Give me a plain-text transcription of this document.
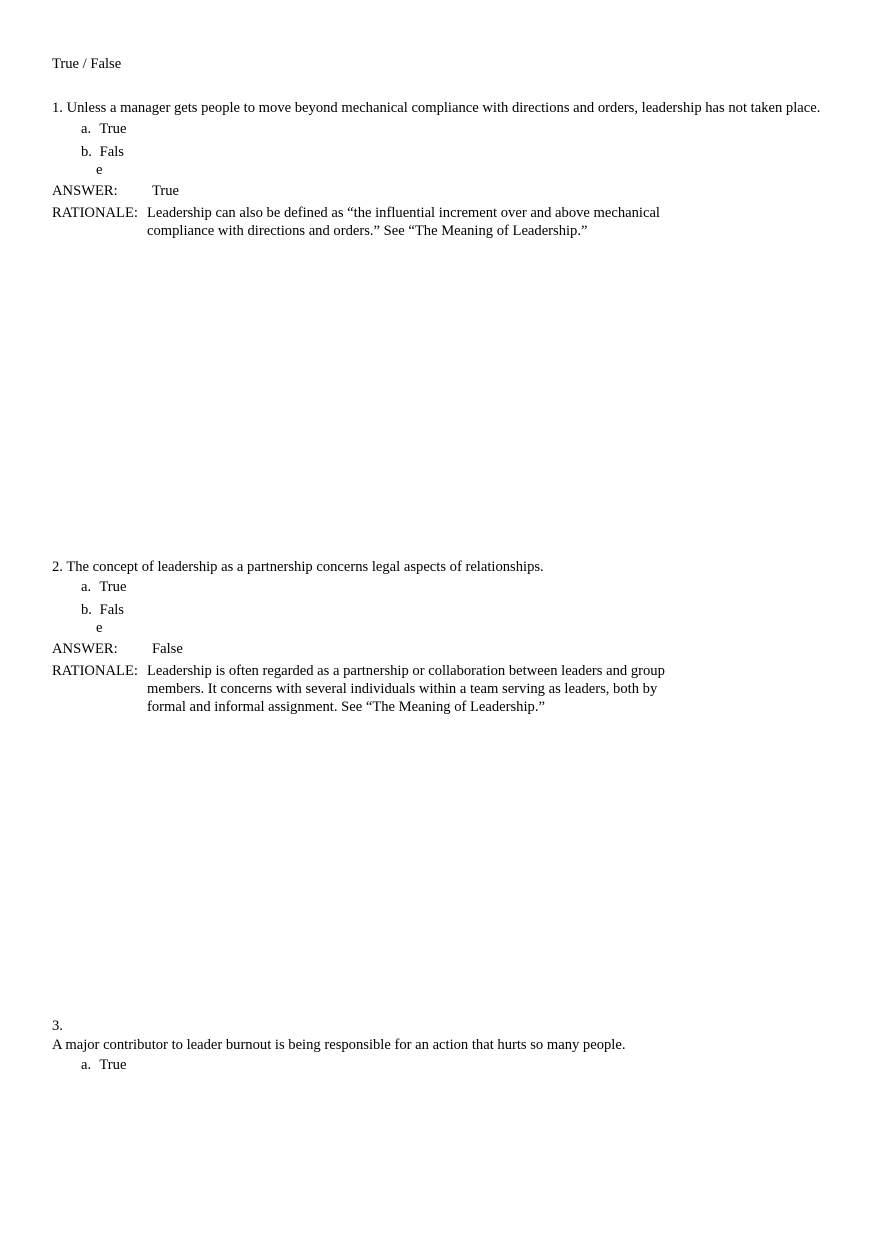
True / False

1. Unless a manager gets people to move beyond mechanical compliance with directions and orders, leadership has not taken place.

a. True
b. Fals
e
ANSWER:	True
RATIONALE: Leadership can also be defined as “the influential increment over and above mechanical compliance with directions and orders.” See “The Meaning of Leadership.”

2. The concept of leadership as a partnership concerns legal aspects of relationships.

a. True
b. Fals
e
ANSWER:	False
RATIONALE: Leadership is often regarded as a partnership or collaboration between leaders and group members. It concerns with several individuals within a team serving as leaders, both by formal and informal assignment. See “The Meaning of Leadership.”
3.

A major contributor to leader burnout is being responsible for an action that hurts so many people.

a. True
